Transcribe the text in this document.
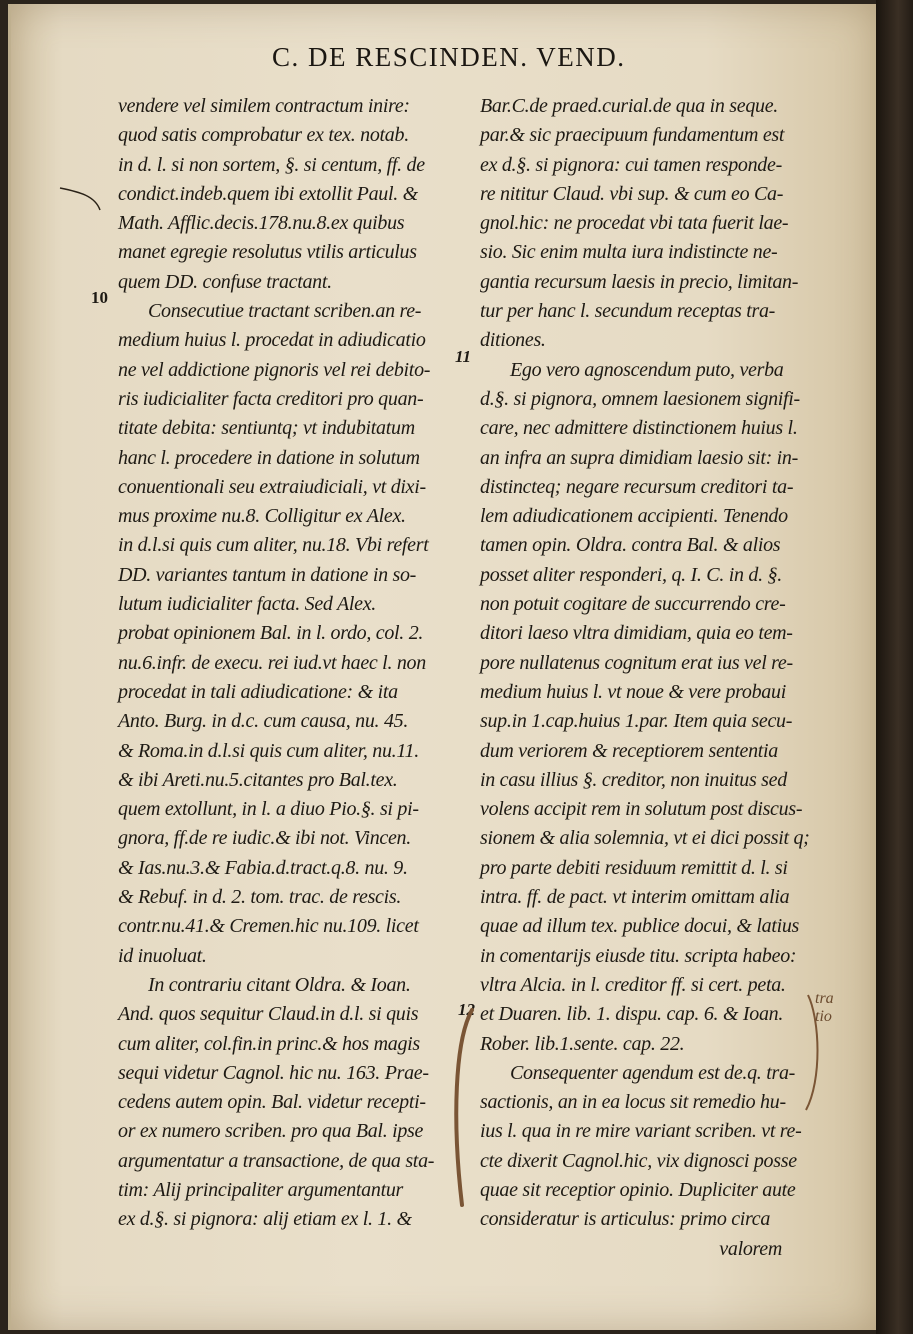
C. DE RESCINDEN. VEND.
10
11
12
vendere vel similem contractum inire:
quod satis comprobatur ex tex. notab.
in d. l. si non sortem, §. si centum, ff. de
condict.indeb.quem ibi extollit Paul. &
Math. Afflic.decis.178.nu.8.ex quibus
manet egregie resolutus vtilis articulus
quem DD. confuse tractant.
Consecutiue tractant scriben.an re-
medium huius l. procedat in adiudicatio
ne vel addictione pignoris vel rei debito-
ris iudicialiter facta creditori pro quan-
titate debita: sentiuntq; vt indubitatum
hanc l. procedere in datione in solutum
conuentionali seu extraiudiciali, vt dixi-
mus proxime nu.8. Colligitur ex Alex.
in d.l.si quis cum aliter, nu.18. Vbi refert
DD. variantes tantum in datione in so-
lutum iudicialiter facta. Sed Alex.
probat opinionem Bal. in l. ordo, col. 2.
nu.6.infr. de execu. rei iud.vt haec l. non
procedat in tali adiudicatione: & ita
Anto. Burg. in d.c. cum causa, nu. 45.
& Roma.in d.l.si quis cum aliter, nu.11.
& ibi Areti.nu.5.citantes pro Bal.tex.
quem extollunt, in l. a diuo Pio.§. si pi-
gnora, ff.de re iudic.& ibi not. Vincen.
& Ias.nu.3.& Fabia.d.tract.q.8. nu. 9.
& Rebuf. in d. 2. tom. trac. de rescis.
contr.nu.41.& Cremen.hic nu.109. licet
id inuoluat.
In contrariu citant Oldra. & Ioan.
And. quos sequitur Claud.in d.l. si quis
cum aliter, col.fin.in princ.& hos magis
sequi videtur Cagnol. hic nu. 163. Prae-
cedens autem opin. Bal. videtur recepti-
or ex numero scriben. pro qua Bal. ipse
argumentatur a transactione, de qua sta-
tim: Alij principaliter argumentantur
ex d.§. si pignora: alij etiam ex l. 1. &
Bar.C.de praed.curial.de qua in seque.
par.& sic praecipuum fundamentum est
ex d.§. si pignora: cui tamen responde-
re nititur Claud. vbi sup. & cum eo Ca-
gnol.hic: ne procedat vbi tata fuerit lae-
sio. Sic enim multa iura indistincte ne-
gantia recursum laesis in precio, limitan-
tur per hanc l. secundum receptas tra-
ditiones.
Ego vero agnoscendum puto, verba
d.§. si pignora, omnem laesionem signifi-
care, nec admittere distinctionem huius l.
an infra an supra dimidiam laesio sit: in-
distincteq; negare recursum creditori ta-
lem adiudicationem accipienti. Tenendo
tamen opin. Oldra. contra Bal. & alios
posset aliter responderi, q. I. C. in d. §.
non potuit cogitare de succurrendo cre-
ditori laeso vltra dimidiam, quia eo tem-
pore nullatenus cognitum erat ius vel re-
medium huius l. vt noue & vere probaui
sup.in 1.cap.huius 1.par. Item quia secu-
dum veriorem & receptiorem sententia
in casu illius §. creditor, non inuitus sed
volens accipit rem in solutum post discus-
sionem & alia solemnia, vt ei dici possit q;
pro parte debiti residuum remittit d. l. si
intra. ff. de pact. vt interim omittam alia
quae ad illum tex. publice docui, & latius
in comentarijs eiusde titu. scripta habeo:
vltra Alcia. in l. creditor ff. si cert. peta.
et Duaren. lib. 1. dispu. cap. 6. & Ioan.
Rober. lib.1.sente. cap. 22.
Consequenter agendum est de.q. tra-
sactionis, an in ea locus sit remedio hu-
ius l. qua in re mire variant scriben. vt re-
cte dixerit Cagnol.hic, vix dignosci posse
quae sit receptior opinio. Dupliciter aute
consideratur is articulus: primo circa
valorem
tra
tio
